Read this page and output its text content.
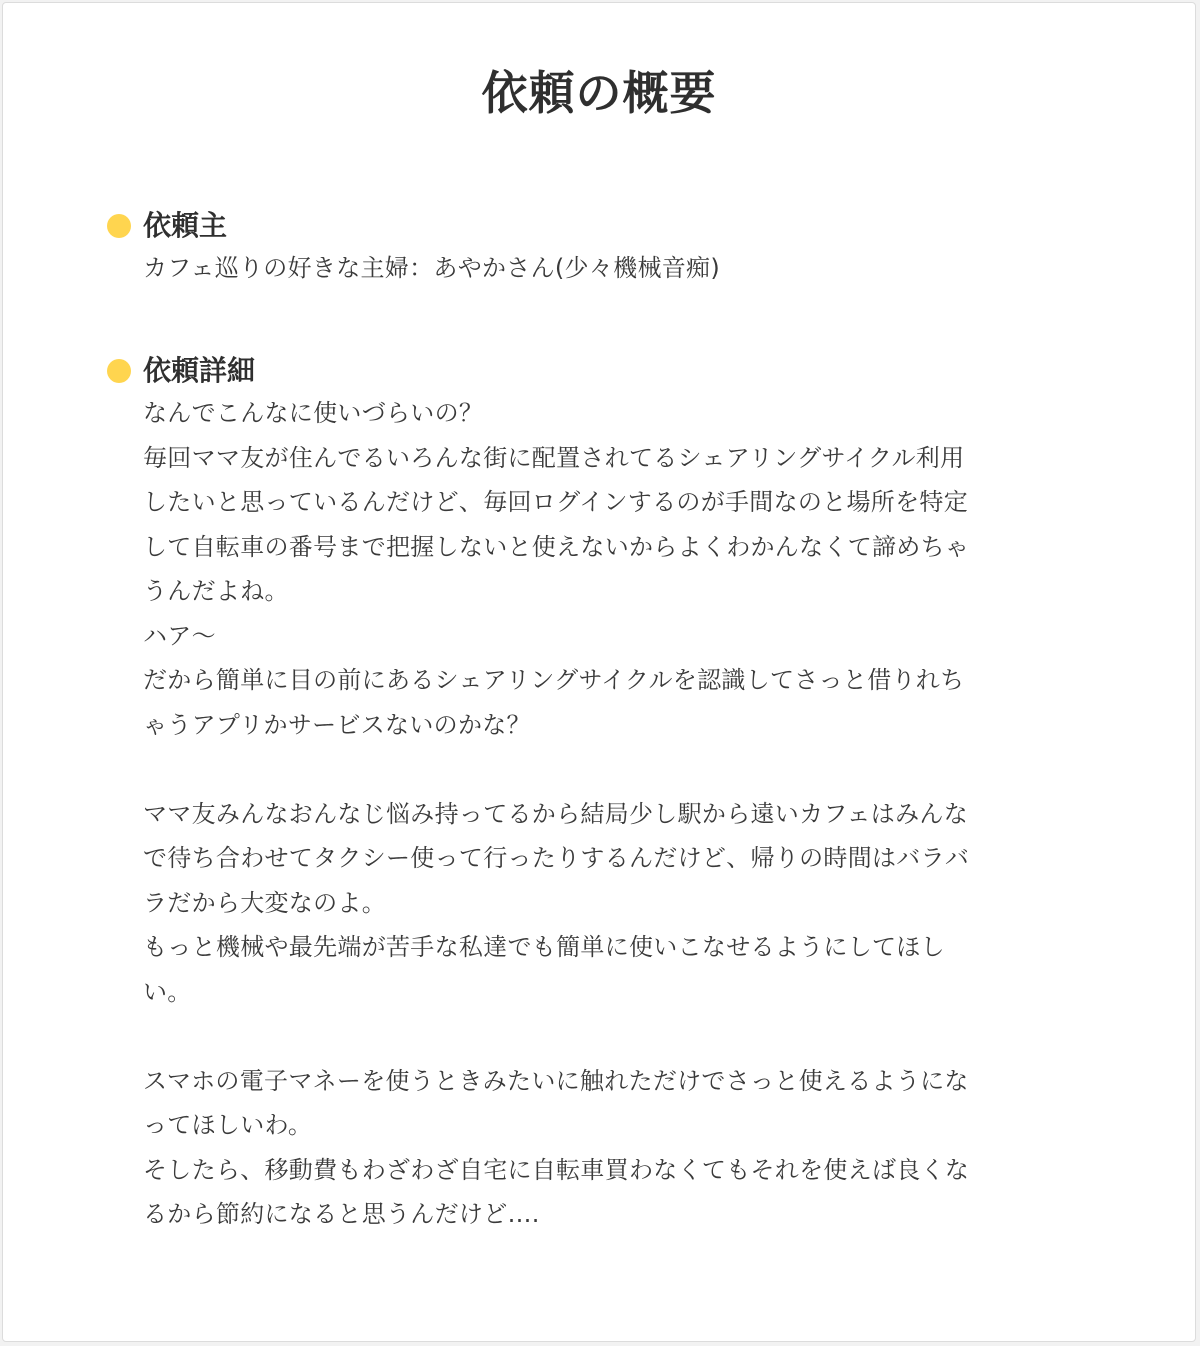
依頼の概要
依頼主
カフェ巡りの好きな主婦：あやかさん(少々機械音痴)
依頼詳細
なんでこんなに使いづらいの？
毎回ママ友が住んでるいろんな街に配置されてるシェアリングサイクル利用
したいと思っているんだけど、毎回ログインするのが手間なのと場所を特定
して自転車の番号まで把握しないと使えないからよくわかんなくて諦めちゃ
うんだよね。
ハア〜
だから簡単に目の前にあるシェアリングサイクルを認識してさっと借りれち
ゃうアプリかサービスないのかな？
ママ友みんなおんなじ悩み持ってるから結局少し駅から遠いカフェはみんな
で待ち合わせてタクシー使って行ったりするんだけど、帰りの時間はバラバ
ラだから大変なのよ。
もっと機械や最先端が苦手な私達でも簡単に使いこなせるようにしてほし
い。
スマホの電子マネーを使うときみたいに触れただけでさっと使えるようにな
ってほしいわ。
そしたら、移動費もわざわざ自宅に自転車買わなくてもそれを使えば良くな
るから節約になると思うんだけど….
